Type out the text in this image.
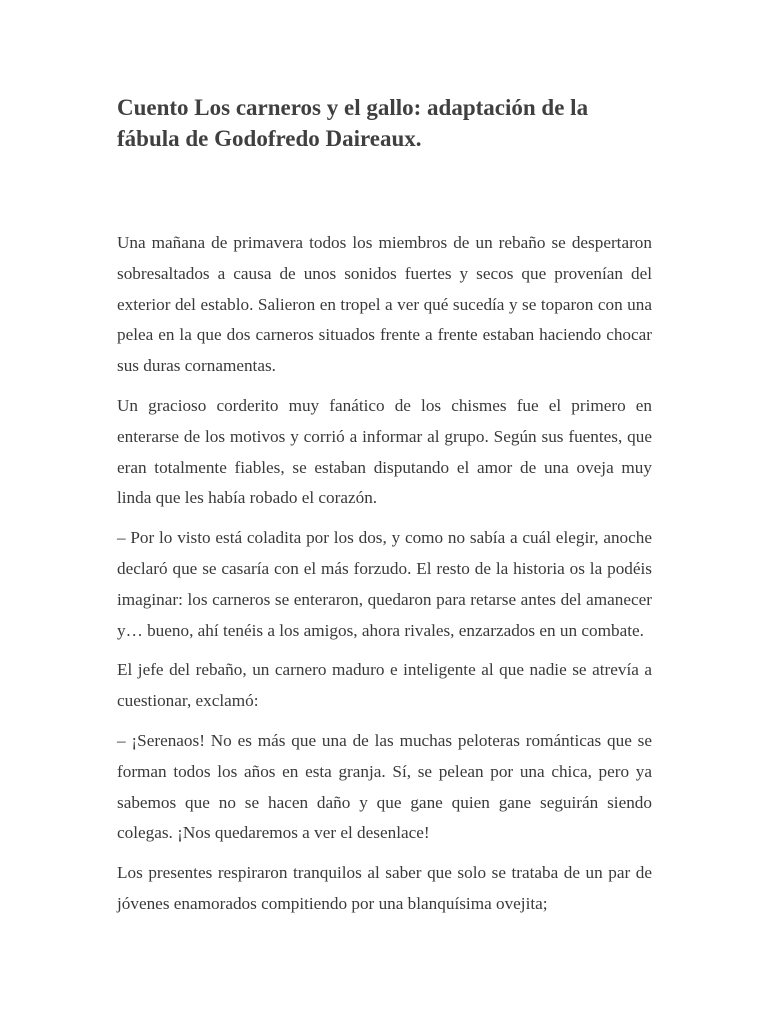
Cuento Los carneros y el gallo: adaptación de la fábula de Godofredo Daireaux.

Una mañana de primavera todos los miembros de un rebaño se despertaron sobresaltados a causa de unos sonidos fuertes y secos que provenían del exterior del establo. Salieron en tropel a ver qué sucedía y se toparon con una pelea en la que dos carneros situados frente a frente estaban haciendo chocar sus duras cornamentas.

Un gracioso corderito muy fanático de los chismes fue el primero en enterarse de los motivos y corrió a informar al grupo. Según sus fuentes, que eran totalmente fiables, se estaban disputando el amor de una oveja muy linda que les había robado el corazón.

– Por lo visto está coladita por los dos, y como no sabía a cuál elegir, anoche declaró que se casaría con el más forzudo. El resto de la historia os la podéis imaginar: los carneros se enteraron, quedaron para retarse antes del amanecer y… bueno, ahí tenéis a los amigos, ahora rivales, enzarzados en un combate.

El jefe del rebaño, un carnero maduro e inteligente al que nadie se atrevía a cuestionar, exclamó:

– ¡Serenaos! No es más que una de las muchas peloteras románticas que se forman todos los años en esta granja. Sí, se pelean por una chica, pero ya sabemos que no se hacen daño y que gane quien gane seguirán siendo colegas. ¡Nos quedaremos a ver el desenlace!

Los presentes respiraron tranquilos al saber que solo se trataba de un par de jóvenes enamorados compitiendo por una blanquísima ovejita;
